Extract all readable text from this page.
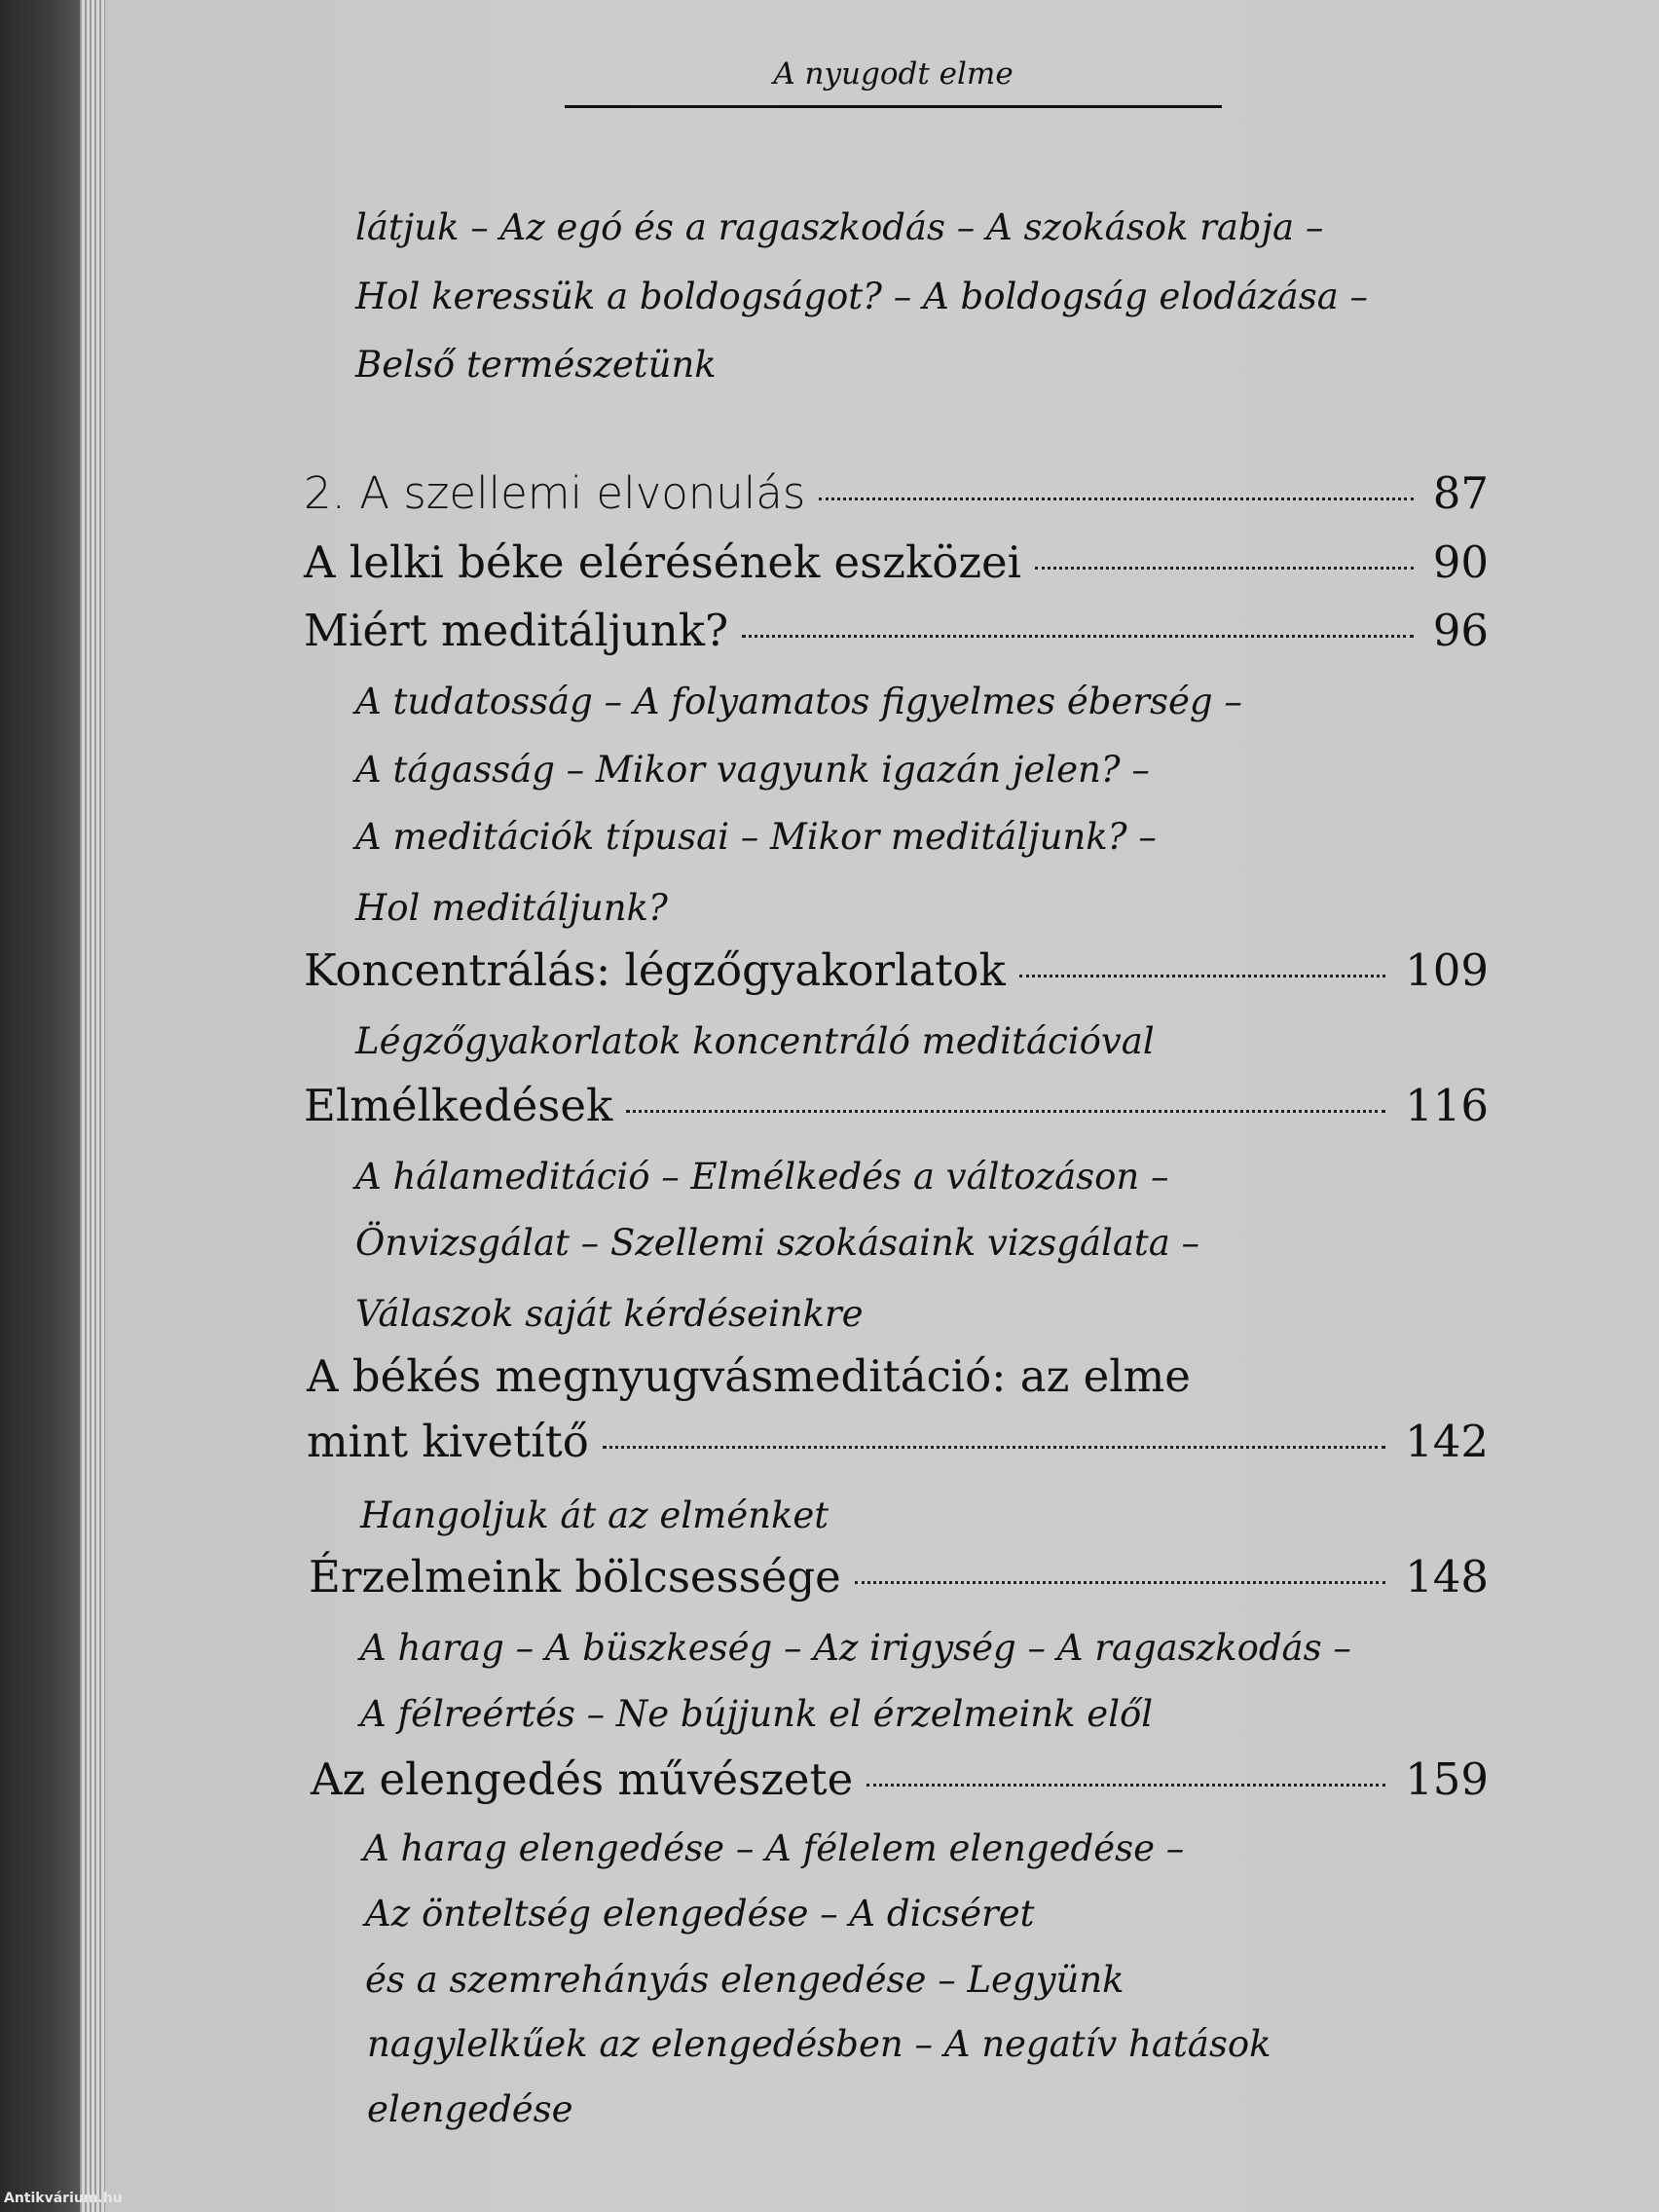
Antikvárium.hu
A nyugodt elme
látjuk – Az egó és a ragaszkodás – A szokások rabja –
Hol keressük a boldogságot? – A boldogság elodázása –
Belső természetünk
2. A szellemi elvonulás	87
A lelki béke elérésének eszközei	90
Miért meditáljunk?	96
A tudatosság – A folyamatos figyelmes éberség –
A tágasság – Mikor vagyunk igazán jelen? –
A meditációk típusai – Mikor meditáljunk? –
Hol meditáljunk?
Koncentrálás: légzőgyakorlatok	109
Légzőgyakorlatok koncentráló meditációval
Elmélkedések	116
A hálameditáció – Elmélkedés a változáson –
Önvizsgálat – Szellemi szokásaink vizsgálata –
Válaszok saját kérdéseinkre
A békés megnyugvásmeditáció: az elme
mint kivetítő	142
Hangoljuk át az elménket
Érzelmeink bölcsessége	148
A harag – A büszkeség – Az irigység – A ragaszkodás –
A félreértés – Ne bújjunk el érzelmeink elől
Az elengedés művészete	159
A harag elengedése – A félelem elengedése –
Az önteltség elengedése – A dicséret
és a szemrehányás elengedése – Legyünk
nagylelkűek az elengedésben – A negatív hatások
elengedése
